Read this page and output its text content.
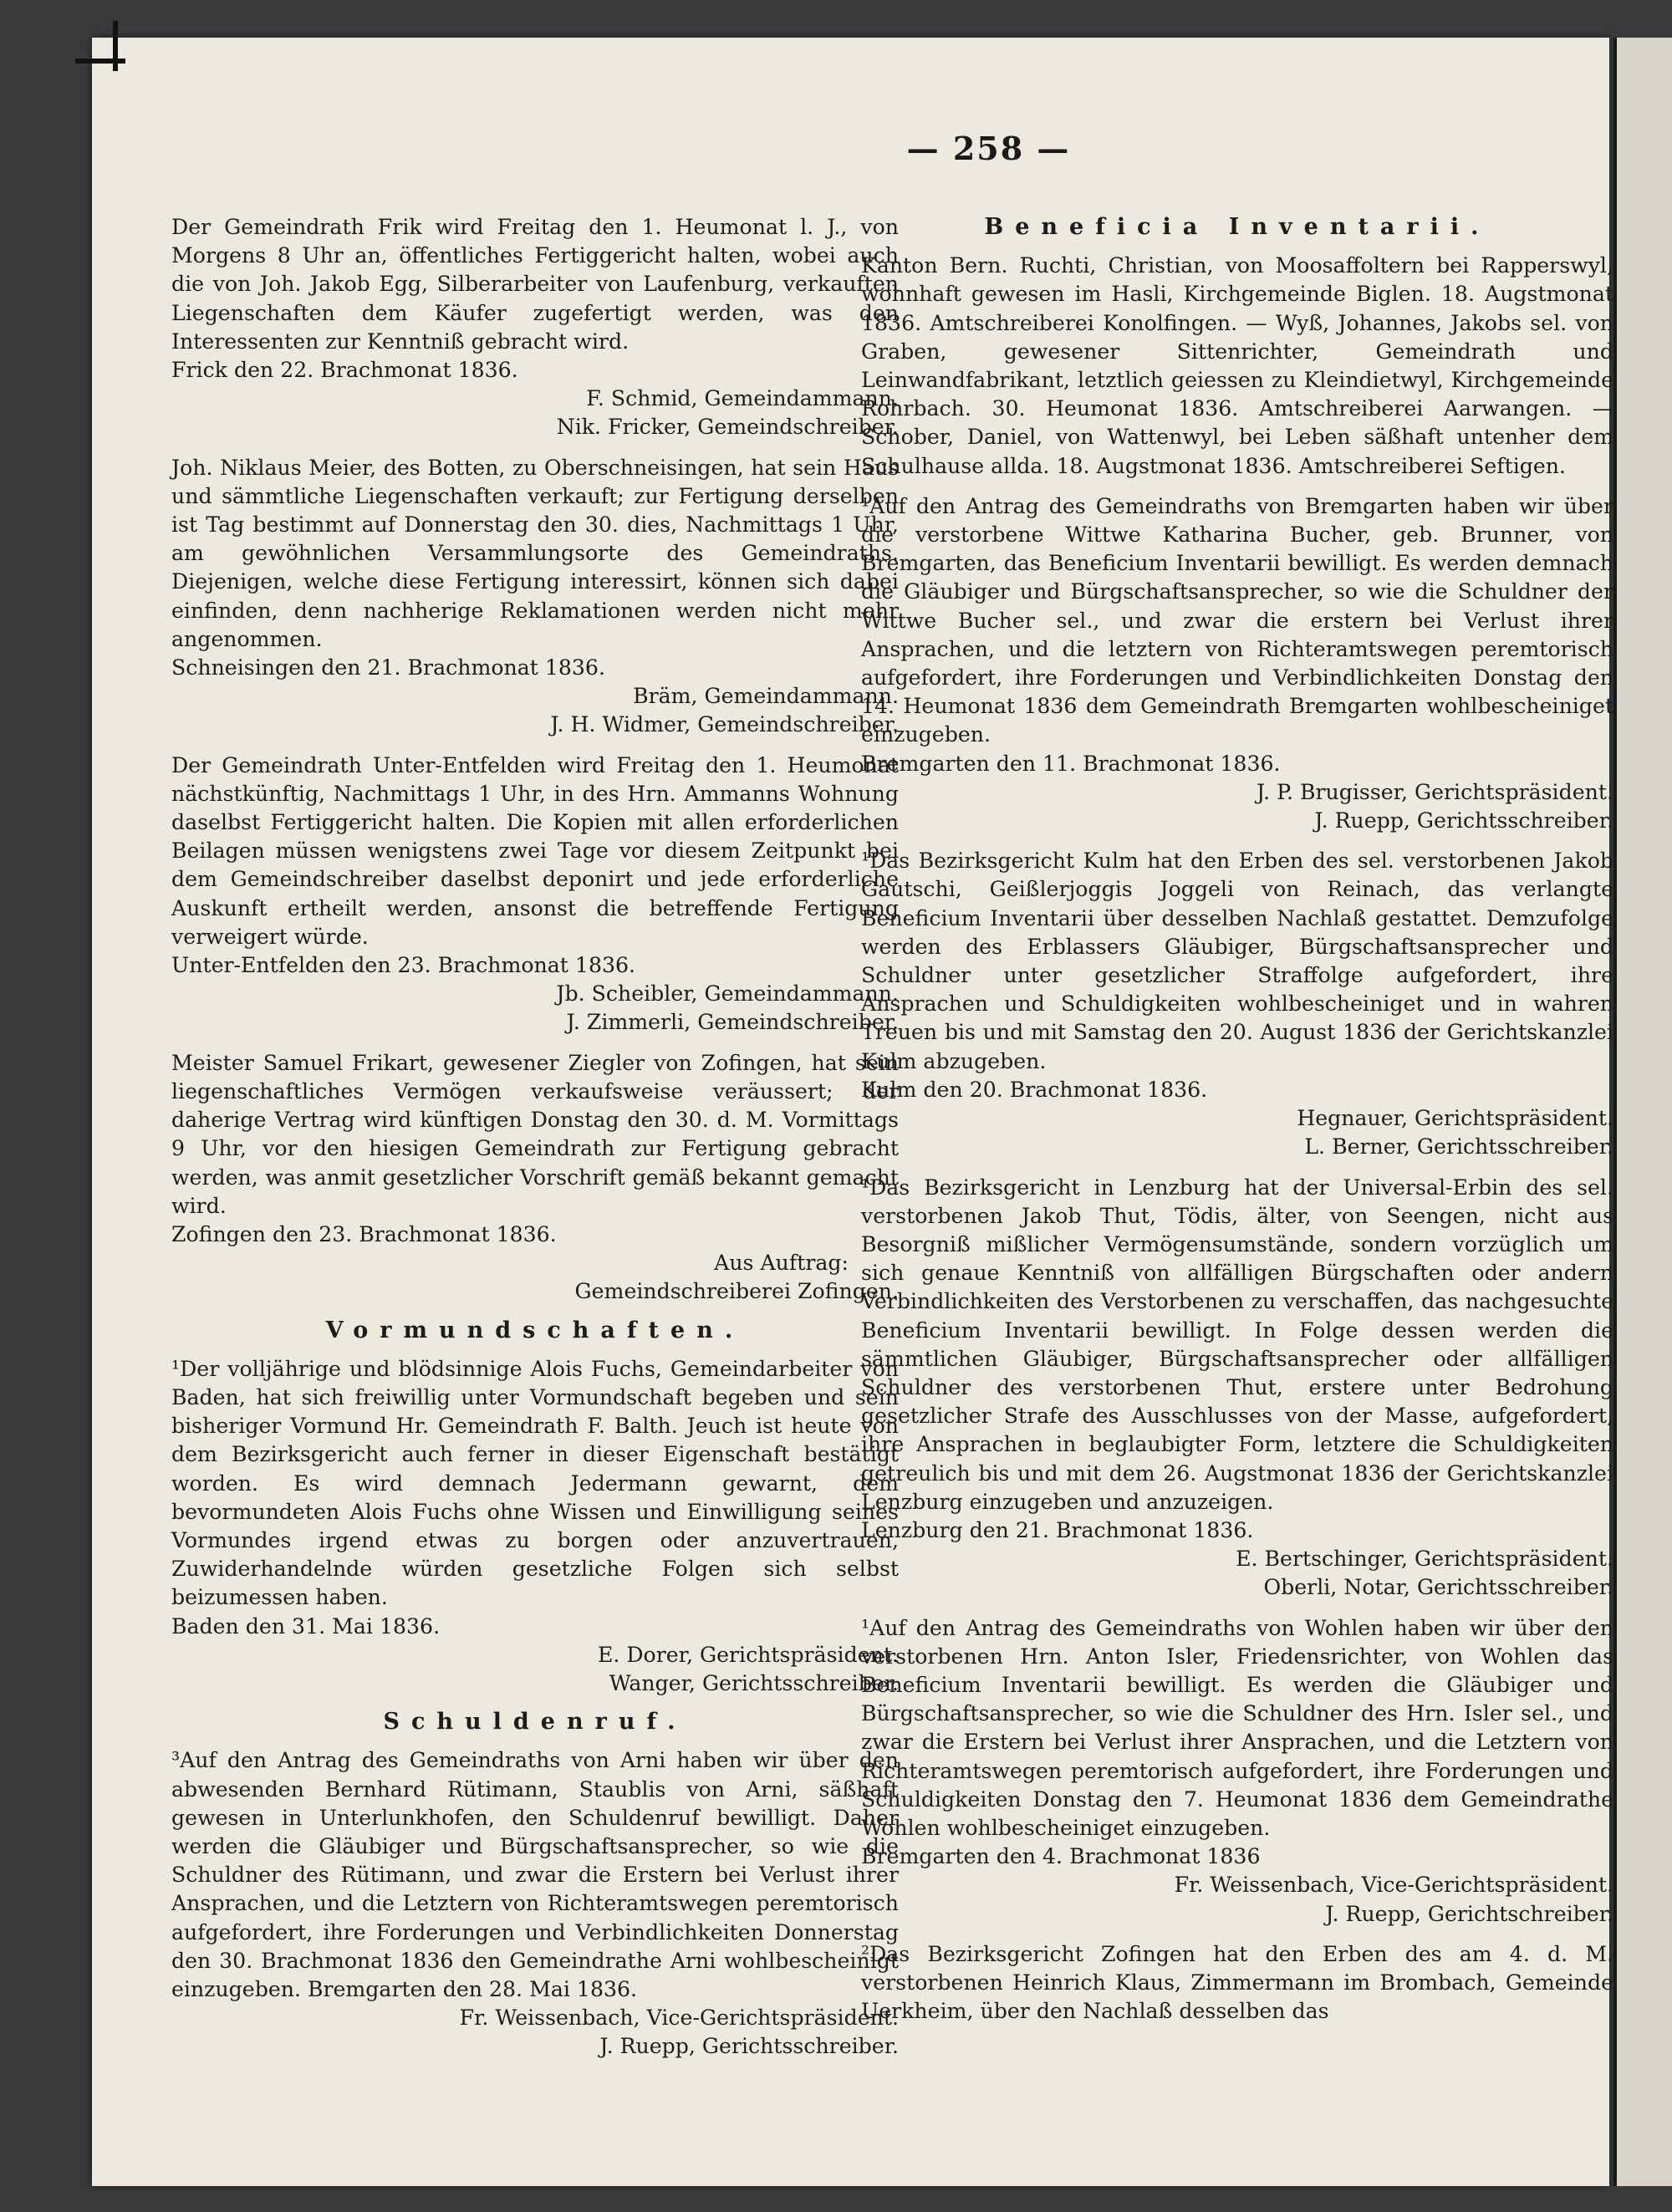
— 258 —

Der Gemeindrath Frik wird Freitag den 1. Heumonat l. J., von Morgens 8 Uhr an, öffentliches Fertiggericht halten, wobei auch die von Joh. Jakob Egg, Silberarbeiter von Laufenburg, verkauften Liegenschaften dem Käufer zugefertigt werden, was den Interessenten zur Kenntniß gebracht wird.

Frick den 22. Brachmonat 1836.

F. Schmid, Gemeindammann.

Nik. Fricker, Gemeindschreiber.

Joh. Niklaus Meier, des Botten, zu Oberschneisingen, hat sein Haus und sämmtliche Liegenschaften verkauft; zur Fertigung derselben ist Tag bestimmt auf Donnerstag den 30. dies, Nachmittags 1 Uhr, am gewöhnlichen Versammlungsorte des Gemeindraths. Diejenigen, welche diese Fertigung interessirt, können sich dabei einfinden, denn nachherige Reklamationen werden nicht mehr angenommen.

Schneisingen den 21. Brachmonat 1836.

Bräm, Gemeindammann.

J. H. Widmer, Gemeindschreiber.

Der Gemeindrath Unter-Entfelden wird Freitag den 1. Heumonat nächstkünftig, Nachmittags 1 Uhr, in des Hrn. Ammanns Wohnung daselbst Fertiggericht halten. Die Kopien mit allen erforderlichen Beilagen müssen wenigstens zwei Tage vor diesem Zeitpunkt bei dem Gemeindschreiber daselbst deponirt und jede erforderliche Auskunft ertheilt werden, ansonst die betreffende Fertigung verweigert würde.

Unter-Entfelden den 23. Brachmonat 1836.

Jb. Scheibler, Gemeindammann.

J. Zimmerli, Gemeindschreiber.

Meister Samuel Frikart, gewesener Ziegler von Zofingen, hat sein liegenschaftliches Vermögen verkaufsweise veräussert; der daherige Vertrag wird künftigen Donstag den 30. d. M. Vormittags 9 Uhr, vor den hiesigen Gemeindrath zur Fertigung gebracht werden, was anmit gesetzlicher Vorschrift gemäß bekannt gemacht wird.

Zofingen den 23. Brachmonat 1836.

Aus Auftrag:

Gemeindschreiberei Zofingen.

Vormundschaften.

¹Der volljährige und blödsinnige Alois Fuchs, Gemeindarbeiter von Baden, hat sich freiwillig unter Vormundschaft begeben und sein bisheriger Vormund Hr. Gemeindrath F. Balth. Jeuch ist heute von dem Bezirksgericht auch ferner in dieser Eigenschaft bestätigt worden. Es wird demnach Jedermann gewarnt, dem bevormundeten Alois Fuchs ohne Wissen und Einwilligung seines Vormundes irgend etwas zu borgen oder anzuvertrauen, Zuwiderhandelnde würden gesetzliche Folgen sich selbst beizumessen haben.

Baden den 31. Mai 1836.

E. Dorer, Gerichtspräsident.

Wanger, Gerichtsschreiber.

Schuldenruf.

³Auf den Antrag des Gemeindraths von Arni haben wir über den abwesenden Bernhard Rütimann, Staublis von Arni, säßhaft gewesen in Unterlunkhofen, den Schuldenruf bewilligt. Daher werden die Gläubiger und Bürgschaftsansprecher, so wie die Schuldner des Rütimann, und zwar die Erstern bei Verlust ihrer Ansprachen, und die Letztern von Richteramtswegen peremtorisch aufgefordert, ihre Forderungen und Verbindlichkeiten Donnerstag den 30. Brachmonat 1836 den Gemeindrathe Arni wohlbescheinigt einzugeben. Bremgarten den 28. Mai 1836.

Fr. Weissenbach, Vice-Gerichtspräsident.

J. Ruepp, Gerichtsschreiber.

Beneficia Inventarii.

Kanton Bern. Ruchti, Christian, von Moosaffoltern bei Rapperswyl, wohnhaft gewesen im Hasli, Kirchgemeinde Biglen. 18. Augstmonat 1836. Amtschreiberei Konolfingen. — Wyß, Johannes, Jakobs sel. von Graben, gewesener Sittenrichter, Gemeindrath und Leinwandfabrikant, letztlich geiessen zu Kleindietwyl, Kirchgemeinde Rohrbach. 30. Heumonat 1836. Amtschreiberei Aarwangen. — Schober, Daniel, von Wattenwyl, bei Leben säßhaft untenher dem Schulhause allda. 18. Augstmonat 1836. Amtschreiberei Seftigen.

¹Auf den Antrag des Gemeindraths von Bremgarten haben wir über die verstorbene Wittwe Katharina Bucher, geb. Brunner, von Bremgarten, das Beneficium Inventarii bewilligt. Es werden demnach die Gläubiger und Bürgschaftsansprecher, so wie die Schuldner der Wittwe Bucher sel., und zwar die erstern bei Verlust ihrer Ansprachen, und die letztern von Richteramtswegen peremtorisch aufgefordert, ihre Forderungen und Verbindlichkeiten Donstag den 14. Heumonat 1836 dem Gemeindrath Bremgarten wohlbescheiniget einzugeben.

Bremgarten den 11. Brachmonat 1836.

J. P. Brugisser, Gerichtspräsident.

J. Ruepp, Gerichtsschreiber.

¹Das Bezirksgericht Kulm hat den Erben des sel. verstorbenen Jakob Gautschi, Geißlerjoggis Joggeli von Reinach, das verlangte Beneficium Inventarii über desselben Nachlaß gestattet. Demzufolge werden des Erblassers Gläubiger, Bürgschaftsansprecher und Schuldner unter gesetzlicher Straffolge aufgefordert, ihre Ansprachen und Schuldigkeiten wohlbescheiniget und in wahren Treuen bis und mit Samstag den 20. August 1836 der Gerichtskanzlei Kulm abzugeben.

Kulm den 20. Brachmonat 1836.

Hegnauer, Gerichtspräsident.

L. Berner, Gerichtsschreiber.

¹Das Bezirksgericht in Lenzburg hat der Universal-Erbin des sel. verstorbenen Jakob Thut, Tödis, älter, von Seengen, nicht aus Besorgniß mißlicher Vermögensumstände, sondern vorzüglich um sich genaue Kenntniß von allfälligen Bürgschaften oder andern Verbindlichkeiten des Verstorbenen zu verschaffen, das nachgesuchte Beneficium Inventarii bewilligt. In Folge dessen werden die sämmtlichen Gläubiger, Bürgschaftsansprecher oder allfälligen Schuldner des verstorbenen Thut, erstere unter Bedrohung gesetzlicher Strafe des Ausschlusses von der Masse, aufgefordert, ihre Ansprachen in beglaubigter Form, letztere die Schuldigkeiten getreulich bis und mit dem 26. Augstmonat 1836 der Gerichtskanzlei Lenzburg einzugeben und anzuzeigen.

Lenzburg den 21. Brachmonat 1836.

E. Bertschinger, Gerichtspräsident.

Oberli, Notar, Gerichtsschreiber.

¹Auf den Antrag des Gemeindraths von Wohlen haben wir über den verstorbenen Hrn. Anton Isler, Friedensrichter, von Wohlen das Beneficium Inventarii bewilligt. Es werden die Gläubiger und Bürgschaftsansprecher, so wie die Schuldner des Hrn. Isler sel., und zwar die Erstern bei Verlust ihrer Ansprachen, und die Letztern von Richteramtswegen peremtorisch aufgefordert, ihre Forderungen und Schuldigkeiten Donstag den 7. Heumonat 1836 dem Gemeindrathe Wohlen wohlbescheiniget einzugeben.

Bremgarten den 4. Brachmonat 1836

Fr. Weissenbach, Vice-Gerichtspräsident.

J. Ruepp, Gerichtschreiber.

²Das Bezirksgericht Zofingen hat den Erben des am 4. d. M. verstorbenen Heinrich Klaus, Zimmermann im Brombach, Gemeinde Uerkheim, über den Nachlaß desselben das
